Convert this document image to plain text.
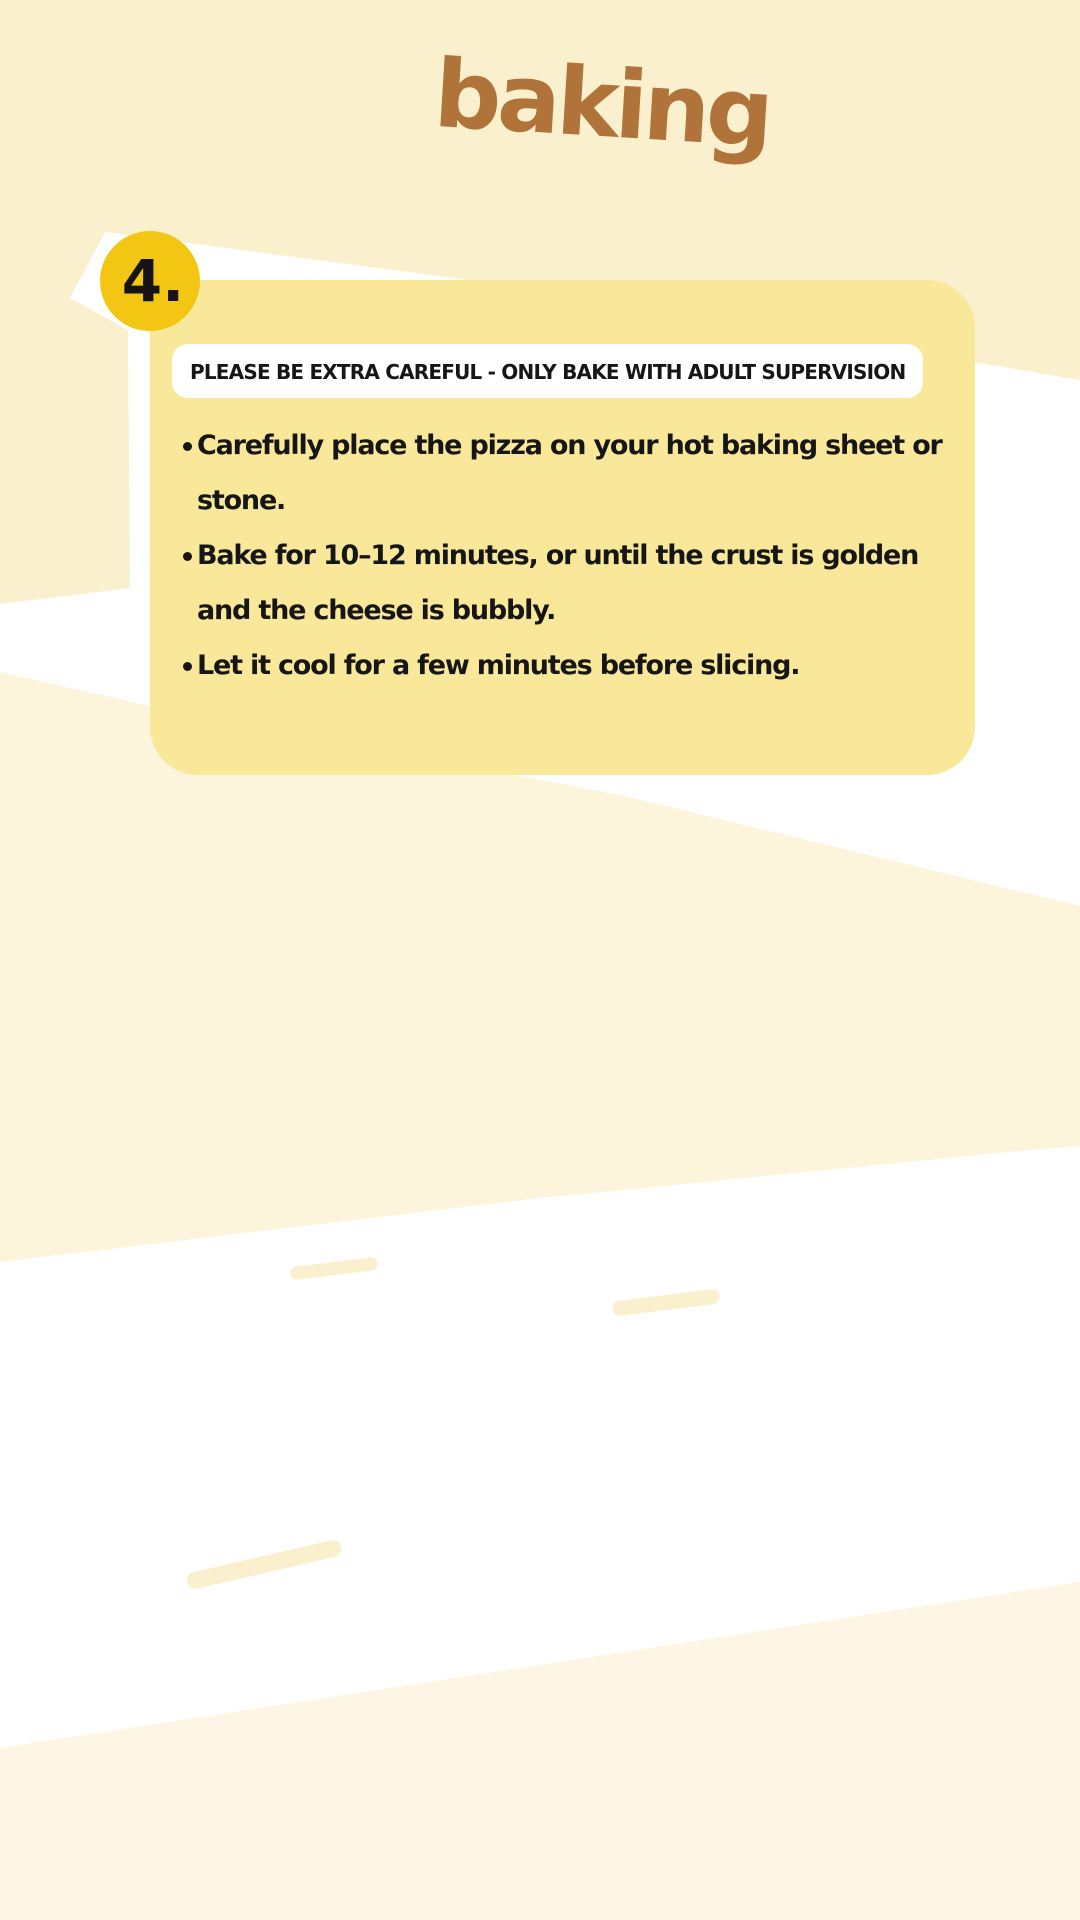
baking
PLEASE BE EXTRA CAREFUL - ONLY BAKE WITH ADULT SUPERVISION
Carefully place the pizza on your hot baking sheet or stone.
Bake for 10–12 minutes, or until the crust is golden and the cheese is bubbly.
Let it cool for a few minutes before slicing.
4.
